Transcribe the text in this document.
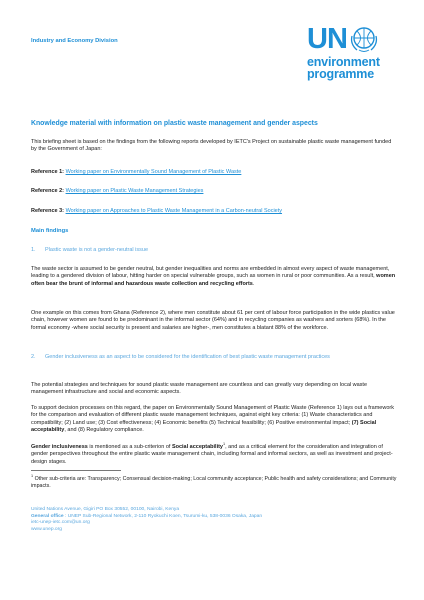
Industry and Economy Division	UN
environment
programme
Knowledge material with information on plastic waste management and gender aspects

This briefing sheet is based on the findings from the following reports developed by IETC's Project on sustainable plastic waste management funded by the Government of Japan:

Reference 1: Working paper on Environmentally Sound Management of Plastic Waste
Reference 2: Working paper on Plastic Waste Management Strategies
Reference 3: Working paper on Approaches to Plastic Waste Management in a Carbon-neutral Society
Main findings
1.	Plastic waste is not a gender-neutral issue

The waste sector is assumed to be gender neutral, but gender inequalities and norms are embedded in almost every aspect of waste management, leading to a gendered division of labour, hitting harder on special vulnerable groups, such as women in rural or poor communities. As a result, women often bear the brunt of informal and hazardous waste collection and recycling efforts.

One example on this comes from Ghana (Reference 2), where men constitute about 61 per cent of labour force participation in the wide plastics value chain, however women are found to be predominant in the informal sector (64%) and in recycling companies as washers and sorters (68%). In the formal economy -where social security is present and salaries are higher-, men constitutes a blatant 88% of the workforce.

2.	Gender inclusiveness as an aspect to be considered for the identification of best plastic waste management practices

The potential strategies and techniques for sound plastic waste management are countless and can greatly vary depending on local waste management infrastructure and social and economic aspects.

To support decision processes on this regard, the paper on Environmentally Sound Management of Plastic Waste (Reference 1) lays out a framework for the comparison and evaluation of different plastic waste management techniques, against eight key criteria: (1) Waste characteristics and compatibility; (2) Land use; (3) Cost effectiveness; (4) Economic benefits (5) Technical feasibility; (6) Positive environmental impact; (7) Social acceptability, and (8) Regulatory compliance.

Gender inclusiveness is mentioned as a sub-criterion of Social acceptability$^1$, and as a critical element for the consideration and integration of gender perspectives throughout the entire plastic waste management chain, including formal and informal sectors, as well as investment and project-design stages.

$^1$ Other sub-criteria are: Transparency; Consensual decision-making; Local community acceptance; Public health and safety considerations; and Community impacts.

United Nations Avenue, Gigiri PO Box 30552, 00100, Nairobi, Kenya
General office : UNEP Sub-Regional Network, 2-110 Ryokuchi Koen, Tsurumi-ku, 538-0036 Osaka, Japan
ietc-unep-ietc.com@un.org
www.unep.org
